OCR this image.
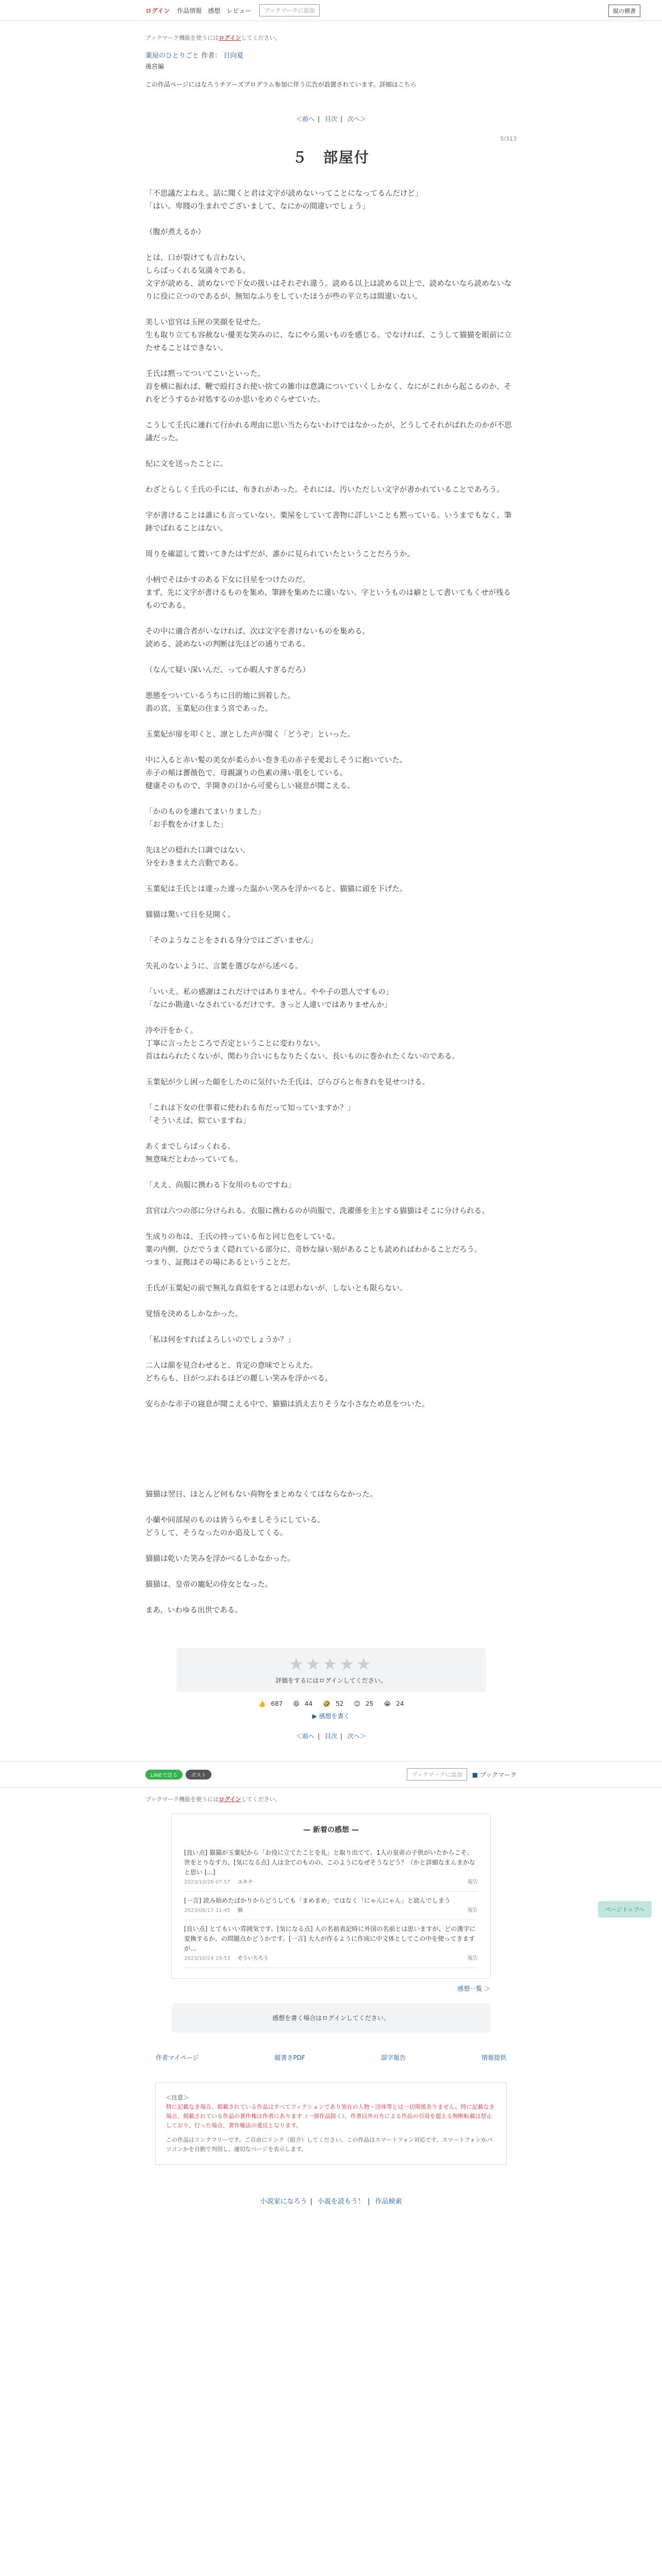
ログイン 作品情報 感想 レビュー	ブックマークに追加	縦の横書
ブックマーク機能を使うにはログインしてください。
薬屋のひとりごと 作者： 日向夏
後宮編
この作品ページにはなろうチアーズプログラム参加に伴う広告が設置されています。詳細はこちら
＜前へ | 目次 | 次へ＞
5/313
５　部屋付

「不思議だよねえ。話に聞くと君は文字が読めないってことになってるんだけど」

「はい。卑賤の生まれでございまして、なにかの間違いでしょう」

（腹が煮えるか）

とは、口が裂けても言わない。

しらばっくれる気満々である。

文字が読める、読めないで下女の扱いはそれぞれ違う。読める以上は読める以上で、読めないなら読めないなりに役に立つのであるが、無知なふりをしていたほうが些の平立ちは間違いない。

美しい宦官は玉匣の笑顔を見せた。

生も取り立ても容赦ない優美な笑みのに、なにやら黒いものを感じる。でなければ、こうして猫猫を眼前に立たせることはできない。

壬氏は黙ってついてこいといった。

首を横に振れば、鞭で殴打され使い捨ての雑巾は意識についていくしかなく、なにがこれから起こるのか、それをどうするか対処するのか思いをめぐらせていた。

こうして壬氏に連れて行かれる理由に思い当たらないわけではなかったが、どうしてそれがばれたのかが不思議だった。

紀に文を送ったことに。

わざとらしく壬氏の手には、布きれがあった。それには、汚いただしい文字が書かれていることであろう。

字が書けることは誰にも言っていない。薬屋をしていて書物に詳しいことも黙っている。いうまでもなく、筆跡でばれることはない。

周りを確認して置いてきたはずだが、誰かに見られていたということだろうか。

小柄でそはかすのある下女に目星をつけたのだ。

まず、先に文字が書けるものを集め、筆跡を集めたに違いない。字というものは癖として書いてもくせが残るものである。

その中に適合者がいなければ、次は文字を書けないものを集める。

読める、読めないの判断は先ほどの通りである。

（なんて疑い深いんだ、ってか暇人すぎるだろ）

悪態をついているうちに目的地に到着した。

翡の宮、玉葉妃の住まう宮であった。

玉葉妃が扉を叩くと、凛とした声が聞く「どうぞ」といった。

中に入ると赤い髪の美女が柔らかい巻き毛の赤子を愛おしそうに抱いていた。

赤子の頬は薔薇色で、母親譲りの色素の薄い肌をしている。

健康そのもので、半開きの口から可愛らしい寝息が聞こえる。

「かのものを連れてまいりました」

「お手数をかけました」

先ほどの穏れた口調ではない。

分をわきまえた言動である。

玉葉妃は壬氏とは違った違った温かい笑みを浮かべると、猫猫に頭を下げた。

猫猫は驚いて目を見開く。

「そのようなことをされる身分ではございません」

失礼のないように、言葉を選びながら述べる。

「いいえ。私の感謝はこれだけではありません。やや子の恩人ですもの」

「なにか勘違いなされているだけです。きっと人違いではありませんか」

冷や汗をかく。

丁寧に言ったところで否定ということに変わりない。

首はねられたくないが、関わり合いにもなりたくない。長いものに巻かれたくないのである。

玉葉妃が少し困った顔をしたのに気付いた壬氏は、ぴらぴらと布きれを見せつける。

「これは下女の仕事着に使われる布だって知っていますか？」

「そういえば、似ていますね」

あくまでしらばっくれる。

無意味だとわかっていても。

「ええ、尚服に携わる下女用のものですね」

宮官は六つの部に分けられる。衣服に携わるのが尚服で、洗濯係を主とする猫猫はそこに分けられる。

生成りの布は、壬氏の持っている布と同じ色をしている。

薬の内側、ひだでうまく隠れている部分に、奇妙な緑い刻があることも読めればわかることだろう。

つまり、証拠はその場にあるということだ。

壬氏が玉葉妃の前で無礼な真似をするとは思わないが、しないとも限らない。

覚悟を決めるしかなかった。

「私は何をすればよろしいのでしょうか？」

二人は顔を見合わせると、肯定の意味でとらえた。

どちらも、目がつぶれるほどの麗しい笑みを浮かべる。

安らかな赤子の寝息が聞こえる中で、猫猫は消え去りそうな小さなため息をついた。

猫猫は翌日、ほとんど何もない荷物をまとめなくてはならなかった。

小蘭や同部屋のものは皆うらやましそうにしている。

どうして、そうなったのか追及してくる。

猫猫は乾いた笑みを浮かべるしかなかった。

猫猫は、皇帝の寵妃の侍女となった。

まあ、いわゆる出世である。

★★★★★
評価をするにはログインしてください。
👍 687 😆 44 🤣 52 😊 25 😭 24
▶ 感想を書く
＜前へ | 目次 | 次へ＞
ページトップへ
LINEで送る	ポスト	ブックマークに追加	■ ブックマーク
ブックマーク機能を使うにはログインしてください。
— 新着の感想 —
[良い点] 猫猫が玉葉妃から「お役に立てたことを礼」と取り出てて、1人の皇帝の子供がいたからこそ、世をとりなす力、[気になる点] 人は全てのものの、このようになぜそうなどう？（かと詳細なまんまかなと思い [...]
2023/10/26 07:57 ユキナ	報告
[一言] 読み始めたばかりからどうしても「まめまめ」ではなく「にゃんにゃん」と読んでしまう
2023/08/17 11:45 猫	報告
[良い点] とてもいい雰囲気です。[気になる点] 人の名前表記時に外国の名前とは思いますが、どの漢字に変換するか、の問題点かどうかです。[一言] 大人が作るように作成に中文体としてこの中を使ってきますが…
2023/10/24 19:53 そういちろう	報告
感想一覧 ＞
感想を書く場合はログインしてください。
作者マイページ	縦書きPDF	誤字報告	情報提供
＜注意＞
特に記載なき場合、掲載されている作品はすべてフィクションであり実在の人物・団体等とは一切関係ありません。特に記載なき場合、掲載されている作品の著作権は作者にあります（一部作品除く）。作者以外の方による作品の引用を超える無断転載は禁止しており、行った場合、著作権法の違反となります。
この作品はリンクフリーです。ご自由にリンク（紹介）してください。この作品はスマートフォン対応です。スマートフォンかパソコンかを自動で判別し、適切なページを表示します。
小説家になろう | 小説を読もう！ | 作品検索
